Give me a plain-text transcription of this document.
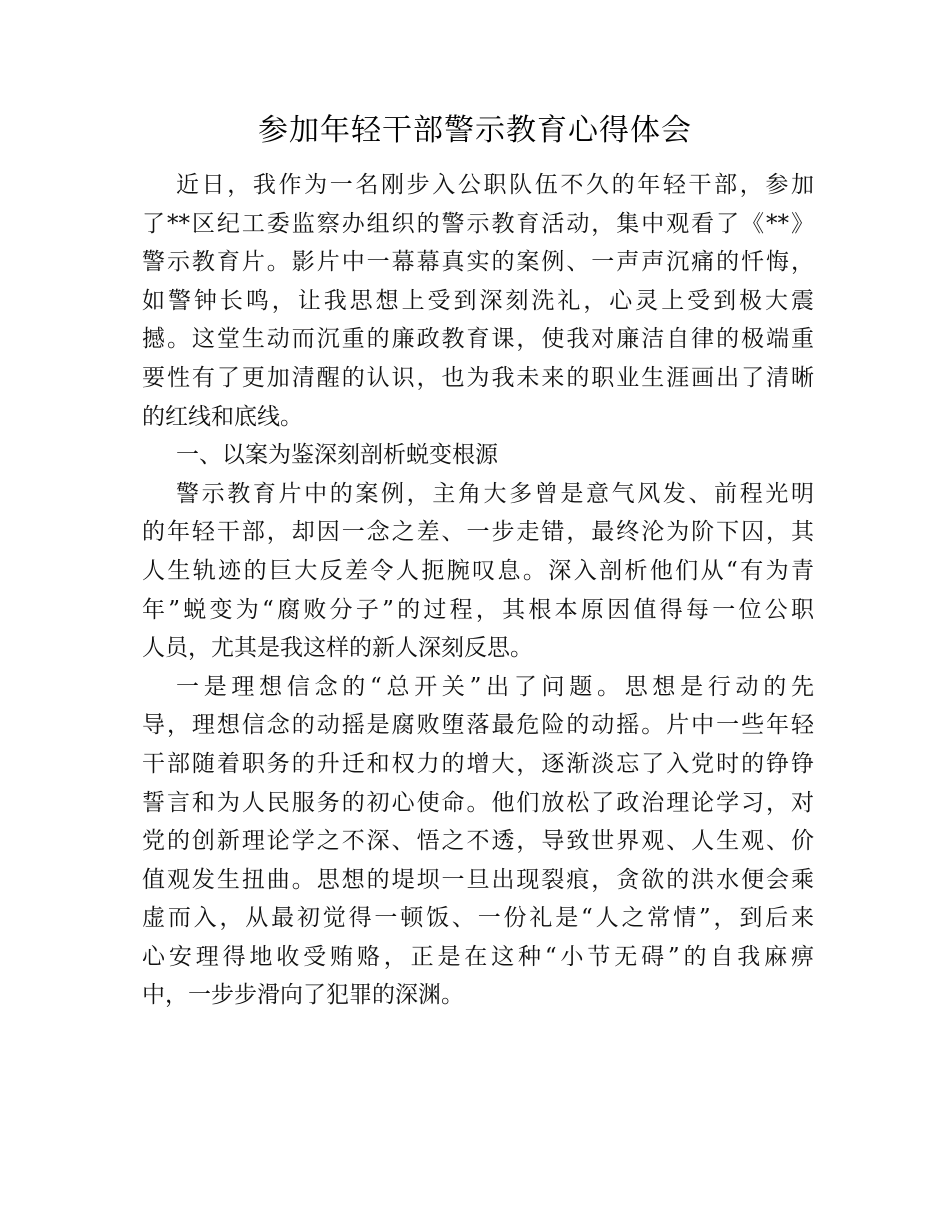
参加年轻干部警示教育心得体会
近日，我作为一名刚步入公职队伍不久的年轻干部，参加
了**区纪工委监察办组织的警示教育活动，集中观看了《**》
警示教育片。影片中一幕幕真实的案例、一声声沉痛的忏悔，
如警钟长鸣，让我思想上受到深刻洗礼，心灵上受到极大震
撼。这堂生动而沉重的廉政教育课，使我对廉洁自律的极端重
要性有了更加清醒的认识，也为我未来的职业生涯画出了清晰
的红线和底线。
一、以案为鉴深刻剖析蜕变根源
警示教育片中的案例，主角大多曾是意气风发、前程光明
的年轻干部，却因一念之差、一步走错，最终沦为阶下囚，其
人生轨迹的巨大反差令人扼腕叹息。深入剖析他们从“有为青
年”蜕变为“腐败分子”的过程，其根本原因值得每一位公职
人员，尤其是我这样的新人深刻反思。
一是理想信念的“总开关”出了问题。思想是行动的先
导，理想信念的动摇是腐败堕落最危险的动摇。片中一些年轻
干部随着职务的升迁和权力的增大，逐渐淡忘了入党时的铮铮
誓言和为人民服务的初心使命。他们放松了政治理论学习，对
党的创新理论学之不深、悟之不透，导致世界观、人生观、价
值观发生扭曲。思想的堤坝一旦出现裂痕，贪欲的洪水便会乘
虚而入，从最初觉得一顿饭、一份礼是“人之常情”，到后来
心安理得地收受贿赂，正是在这种“小节无碍”的自我麻痹
中，一步步滑向了犯罪的深渊。
